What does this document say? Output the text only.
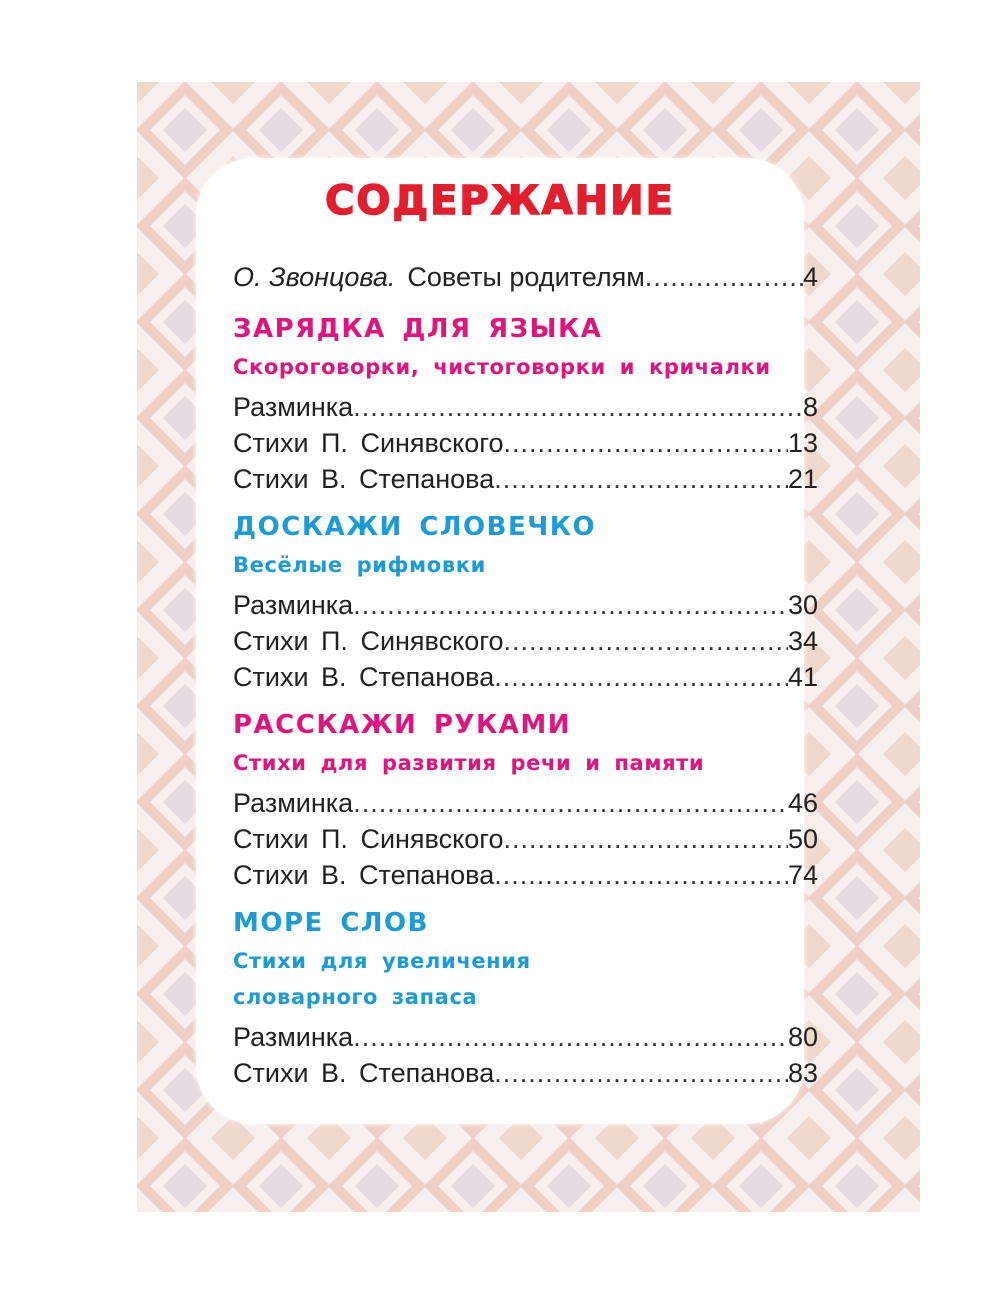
СОДЕРЖАНИЕ
О. Звонцова. Советы родителям .....	4
ЗАРЯДКА ДЛЯ ЯЗЫКА
Скороговорки, чистоговорки и кричалки
Разминка .....	8
Стихи П. Синявского .....	13
Стихи В. Степанова .....	21
ДОСКАЖИ СЛОВЕЧКО
Весёлые рифмовки
Разминка .....	30
Стихи П. Синявского .....	34
Стихи В. Степанова .....	41
РАССКАЖИ РУКАМИ
Стихи для развития речи и памяти
Разминка .....	46
Стихи П. Синявского .....	50
Стихи В. Степанова .....	74
МОРЕ СЛОВ
Стихи для увеличения
словарного запаса
Разминка .....	80
Стихи В. Степанова .....	83
